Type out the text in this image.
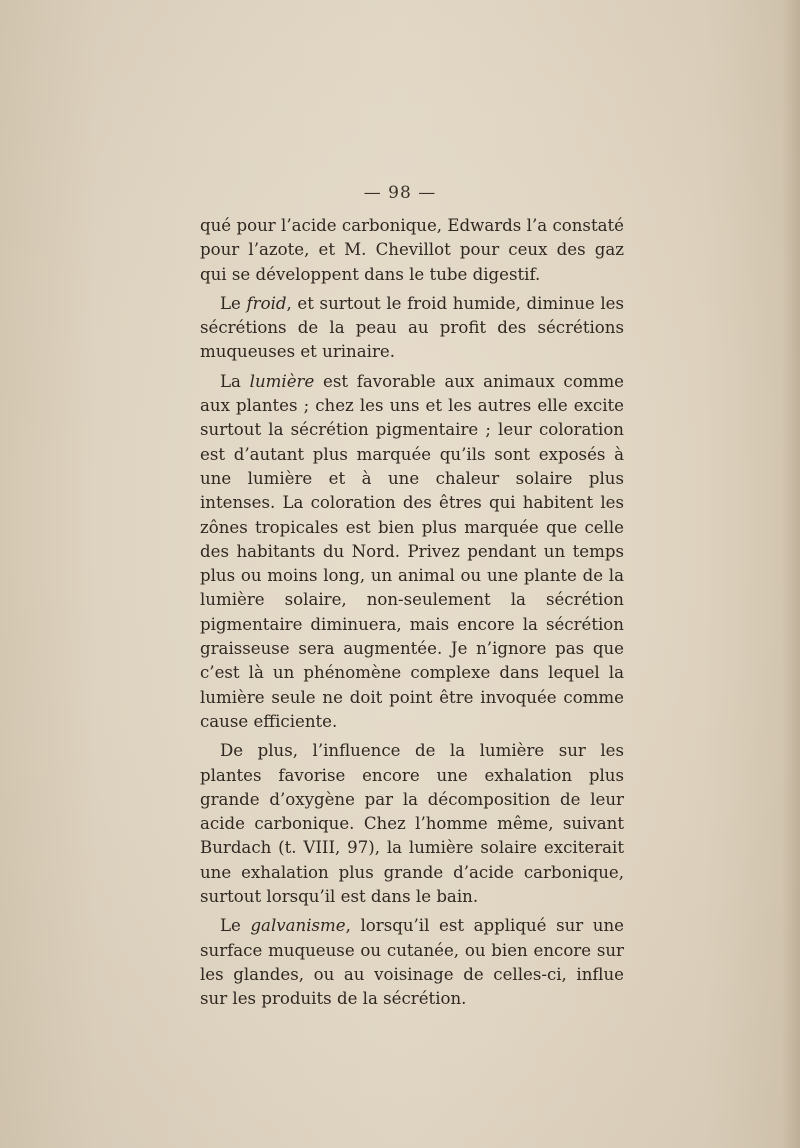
— 98 —

qué pour l’acide carbonique, Edwards l’a constaté pour l’azote, et M. Chevillot pour ceux des gaz qui se développent dans le tube digestif.

Le froid, et surtout le froid humide, diminue les sécrétions de la peau au profit des sécrétions muqueuses et urinaire.

La lumière est favorable aux animaux comme aux plantes ; chez les uns et les autres elle excite surtout la sécrétion pigmentaire ; leur coloration est d’autant plus marquée qu’ils sont exposés à une lumière et à une chaleur solaire plus intenses. La coloration des êtres qui habitent les zônes tropicales est bien plus marquée que celle des habitants du Nord. Privez pendant un temps plus ou moins long, un animal ou une plante de la lumière solaire, non-seulement la sécrétion pigmentaire diminuera, mais encore la sécrétion graisseuse sera augmentée. Je n’ignore pas que c’est là un phénomène complexe dans lequel la lumière seule ne doit point être invoquée comme cause efficiente.

De plus, l’influence de la lumière sur les plantes favorise encore une exhalation plus grande d’oxygène par la décomposition de leur acide carbonique. Chez l’homme même, suivant Burdach (t. VIII, 97), la lumière solaire exciterait une exhalation plus grande d’acide carbonique, surtout lorsqu’il est dans le bain.

Le galvanisme, lorsqu’il est appliqué sur une surface muqueuse ou cutanée, ou bien encore sur les glandes, ou au voisinage de celles-ci, influe sur les produits de la sécrétion.
